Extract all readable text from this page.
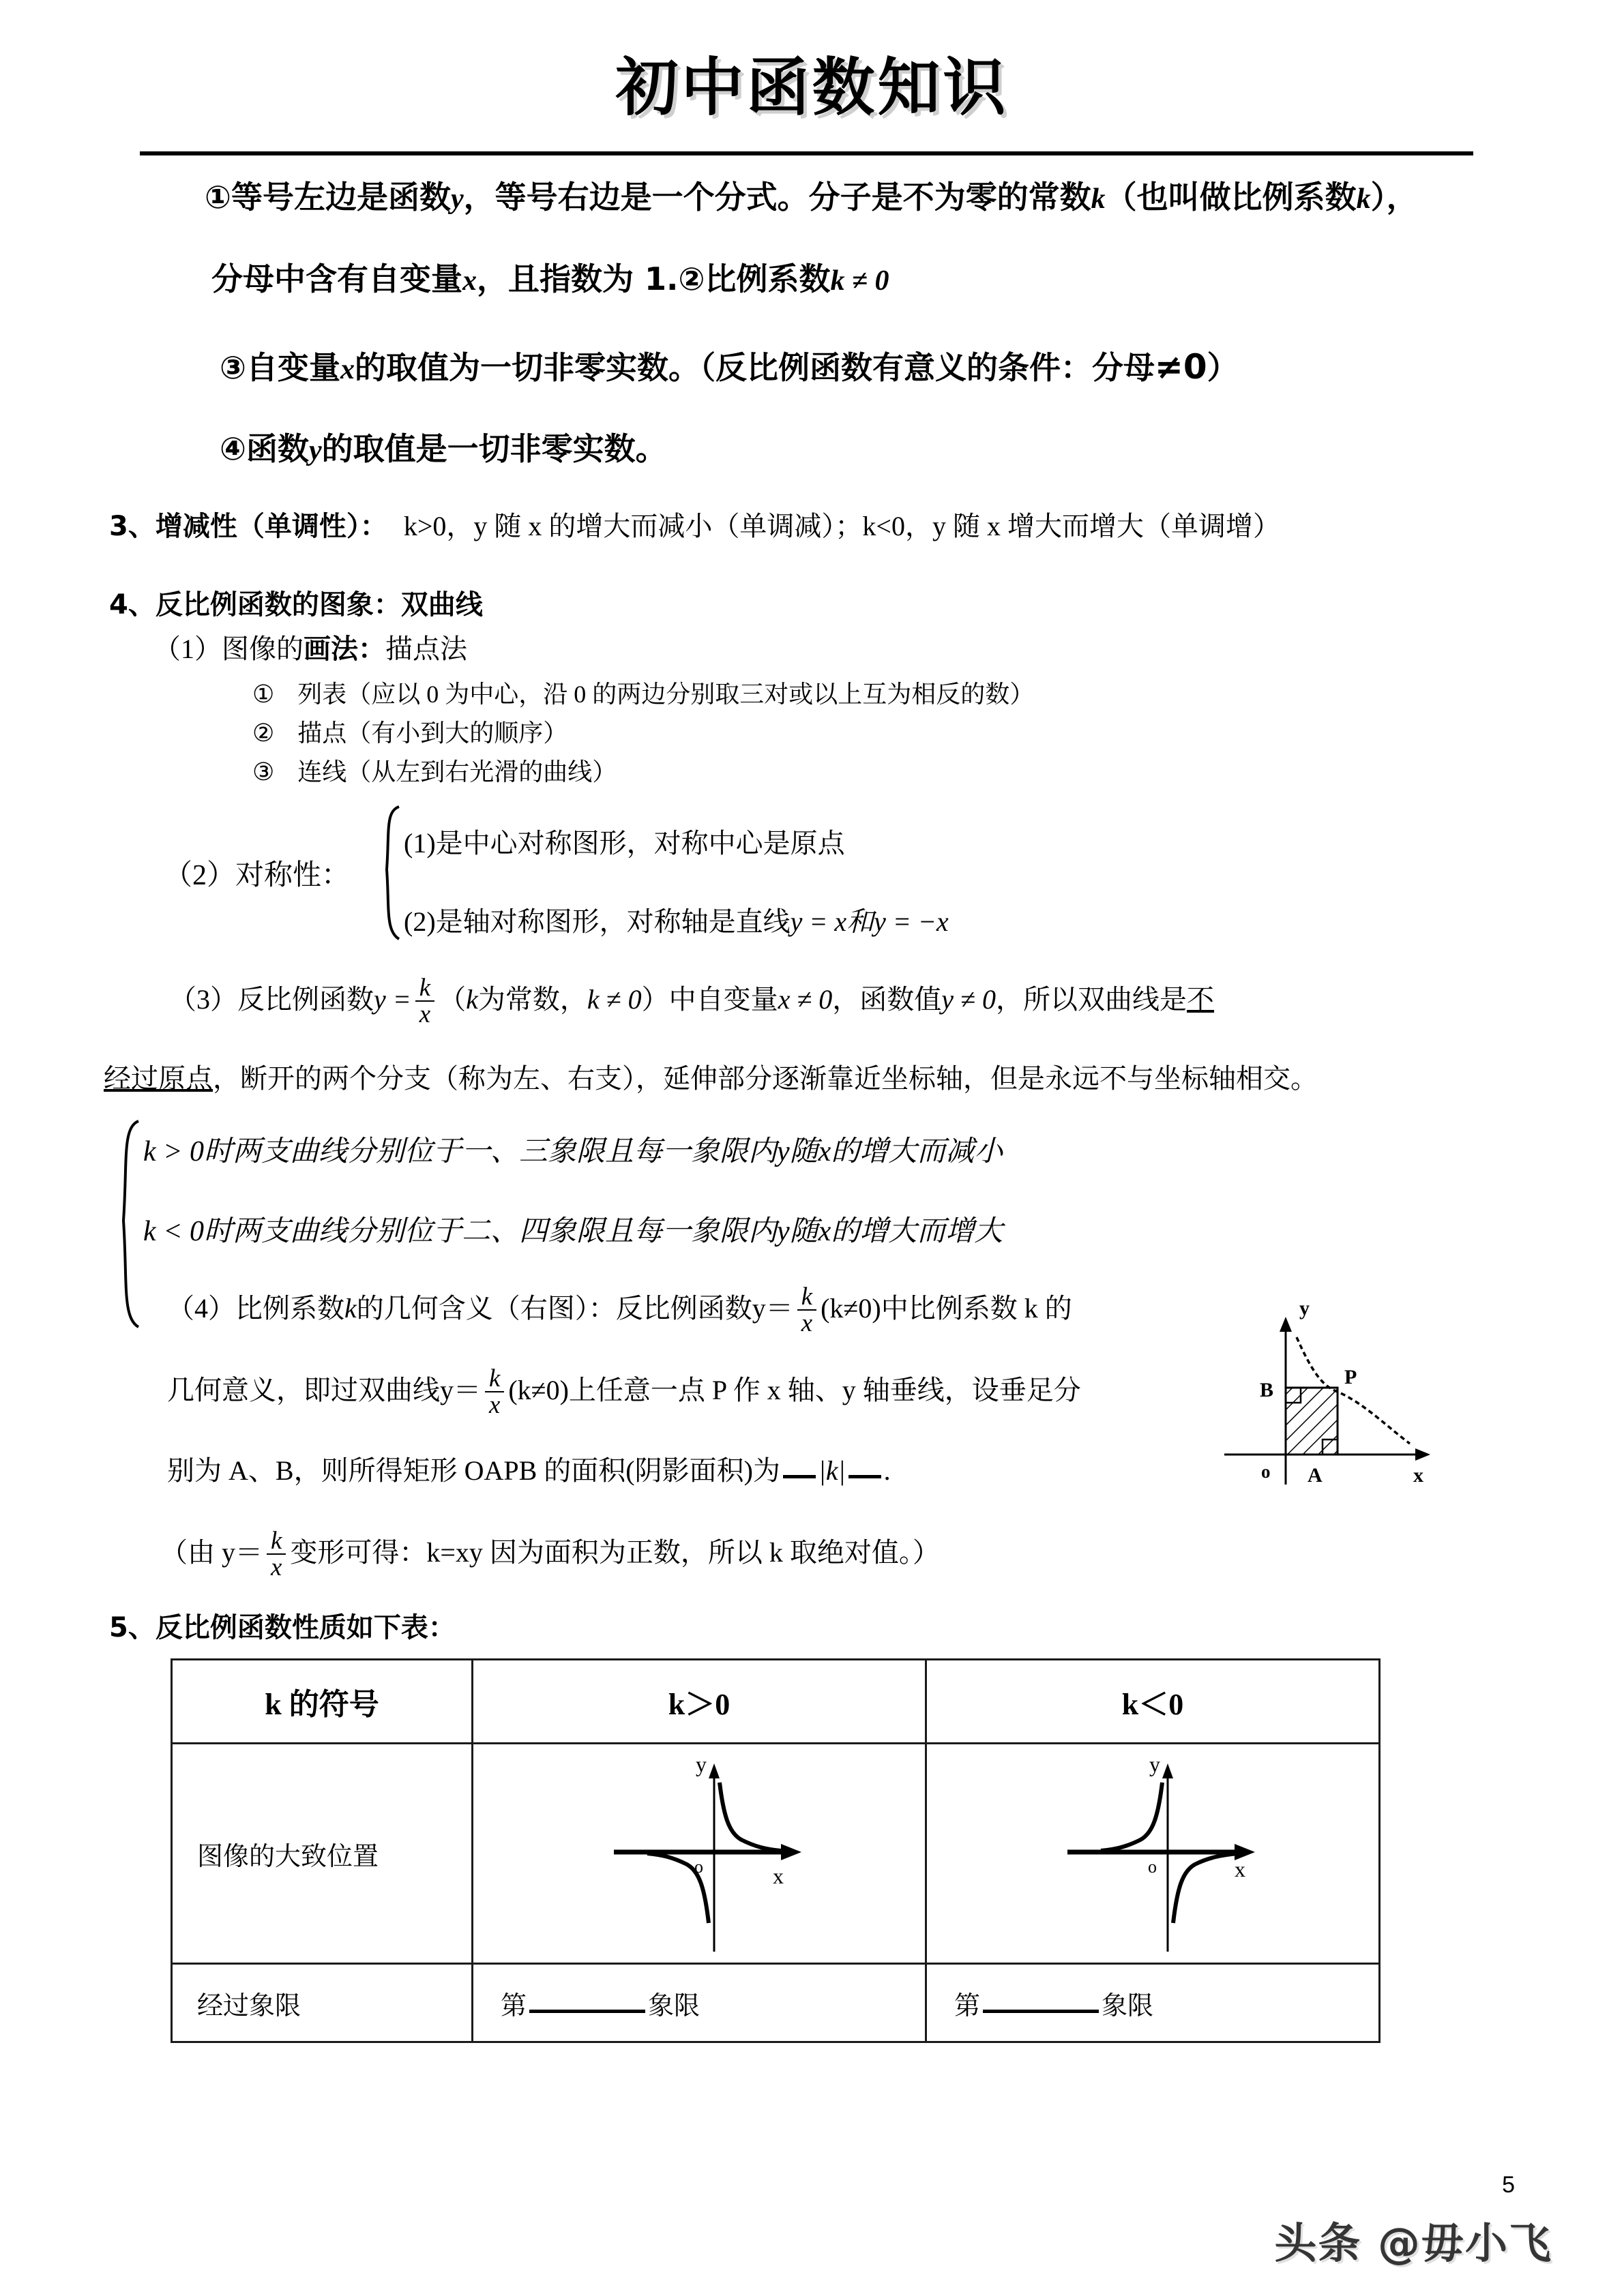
初中函数知识
①等号左边是函数y，等号右边是一个分式。分子是不为零的常数k（也叫做比例系数k），
分母中含有自变量x，且指数为 1.②比例系数k ≠ 0
③自变量x的取值为一切非零实数。（反比例函数有意义的条件：分母≠0）
④函数y的取值是一切非零实数。
3、增减性（单调性）： k>0，y 随 x 的增大而减小（单调减）；k<0，y 随 x 增大而增大（单调增）
4、反比例函数的图象：双曲线
（1）图像的画法：描点法
① 列表（应以 0 为中心，沿 0 的两边分别取三对或以上互为相反的数）
② 描点（有小到大的顺序）
③ 连线（从左到右光滑的曲线）
（2）对称性：
(1)是中心对称图形，对称中心是原点
(2)是轴对称图形，对称轴是直线y = x和y = −x
（3）反比例函数$y = \frac{k}{x} (k$为常数，k ≠ 0）中自变量x ≠ 0，函数值y ≠ 0，所以双曲线是不
经过原点，断开的两个分支（称为左、右支），延伸部分逐渐靠近坐标轴，但是永远不与坐标轴相交。
k > 0时两支曲线分别位于一、三象限且每一象限内y随x的增大而减小
k < 0时两支曲线分别位于二、四象限且每一象限内y随x的增大而增大
（4）比例系数k的几何含义（右图）：反比例函数$y= \frac{k}{x} (k\ne 0)$中比例系数 k 的
几何意义，即过双曲线$y= \frac{k}{x} (k\ne 0)$上任意一点 P 作 x 轴、y 轴垂线，设垂足分
别为 A、B，则所得矩形 OAPB 的面积(阴影面积)为 |k| .
y
x
o A
B
P
（由 $y= \frac{k}{x}$ 变形可得：k=xy 因为面积为正数，所以 k 取绝对值。）
5、反比例函数性质如下表：
k 的符号	k＞0	k＜0
图像的大致位置	y
x
o	y
x
o

经过象限	第 象限	第 象限
5
头条 @毋小飞
